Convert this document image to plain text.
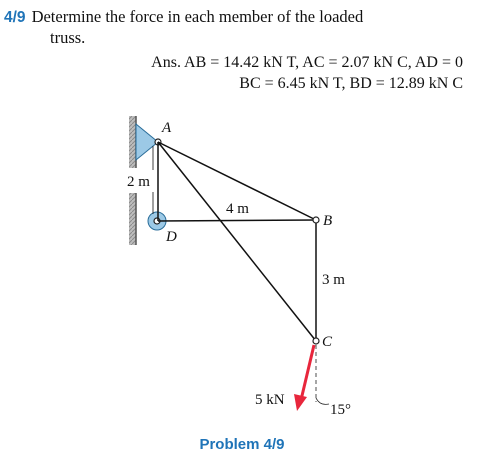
4/9 Determine the force in each member of the loaded
truss.
Ans. AB = 14.42 kN T, AC = 2.07 kN C, AD = 0
BC = 6.45 kN T, BD = 12.89 kN C
A
B
C
D
2 m
4 m
3 m
5 kN
15°
Problem 4/9
